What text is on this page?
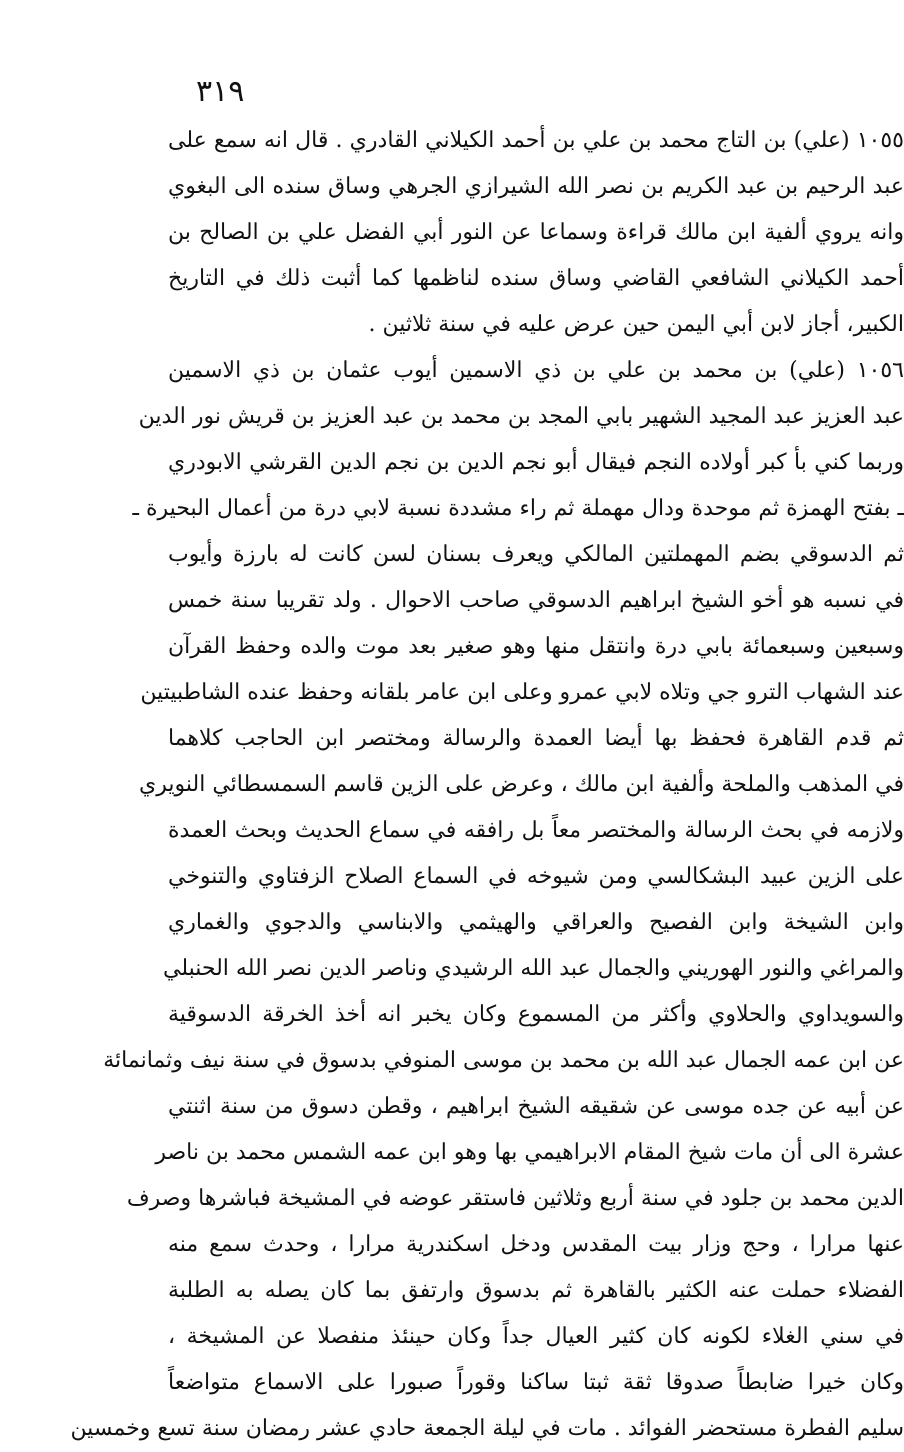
٣١٩
١٠٥٥ (علي) بن التاج محمد بن علي بن أحمد الكيلاني القادري . قال انه سمع على
عبد الرحيم بن عبد الكريم بن نصر الله الشيرازي الجرهي وساق سنده الى البغوي
وانه يروي ألفية ابن مالك قراءة وسماعا عن النور أبي الفضل علي بن الصالح بن
أحمد الكيلاني الشافعي القاضي وساق سنده لناظمها كما أثبت ذلك في التاريخ
الكبير، أجاز لابن أبي اليمن حين عرض عليه في سنة ثلاثين .
١٠٥٦ (علي) بن محمد بن علي بن ذي الاسمين أيوب عثمان بن ذي الاسمين
عبد العزيز عبد المجيد الشهير بابي المجد بن محمد بن عبد العزيز بن قريش نور الدين
وربما كني بأ كبر أولاده النجم فيقال أبو نجم الدين بن نجم الدين القرشي الابودري
ـ بفتح الهمزة ثم موحدة ودال مهملة ثم راء مشددة نسبة لابي درة من أعمال البحيرة ـ
ثم الدسوقي بضم المهملتين المالكي ويعرف بسنان لسن كانت له بارزة وأيوب
في نسبه هو أخو الشيخ ابراهيم الدسوقي صاحب الاحوال . ولد تقريبا سنة خمس
وسبعين وسبعمائة بابي درة وانتقل منها وهو صغير بعد موت والده وحفظ القرآن
عند الشهاب الترو جي وتلاه لابي عمرو وعلى ابن عامر بلقانه وحفظ عنده الشاطبيتين
ثم قدم القاهرة فحفظ بها أيضا العمدة والرسالة ومختصر ابن الحاجب كلاهما
في المذهب والملحة وألفية ابن مالك ، وعرض على الزين قاسم السمسطائي النويري
ولازمه في بحث الرسالة والمختصر معاً بل رافقه في سماع الحديث وبحث العمدة
على الزين عبيد البشكالسي ومن شيوخه في السماع الصلاح الزفتاوي والتنوخي
وابن الشيخة وابن الفصيح والعراقي والهيثمي والابناسي والدجوي والغماري
والمراغي والنور الهوريني والجمال عبد الله الرشيدي وناصر الدين نصر الله الحنبلي
والسويداوي والحلاوي وأكثر من المسموع وكان يخبر انه أخذ الخرقة الدسوقية
عن ابن عمه الجمال عبد الله بن محمد بن موسى المنوفي بدسوق في سنة نيف وثمانمائة
عن أبيه عن جده موسى عن شقيقه الشيخ ابراهيم ، وقطن دسوق من سنة اثنتي
عشرة الى أن مات شيخ المقام الابراهيمي بها وهو ابن عمه الشمس محمد بن ناصر
الدين محمد بن جلود في سنة أربع وثلاثين فاستقر عوضه في المشيخة فباشرها وصرف
عنها مرارا ، وحج وزار بيت المقدس ودخل اسكندرية مرارا ، وحدث سمع منه
الفضلاء حملت عنه الكثير بالقاهرة ثم بدسوق وارتفق بما كان يصله به الطلبة
في سني الغلاء لكونه كان كثير العيال جداً وكان حينئذ منفصلا عن المشيخة ،
وكان خيرا ضابطاً صدوقا ثقة ثبتا ساكنا وقوراً صبورا على الاسماع متواضعاً
سليم الفطرة مستحضر الفوائد . مات في ليلة الجمعة حادي عشر رمضان سنة تسع وخمسين
